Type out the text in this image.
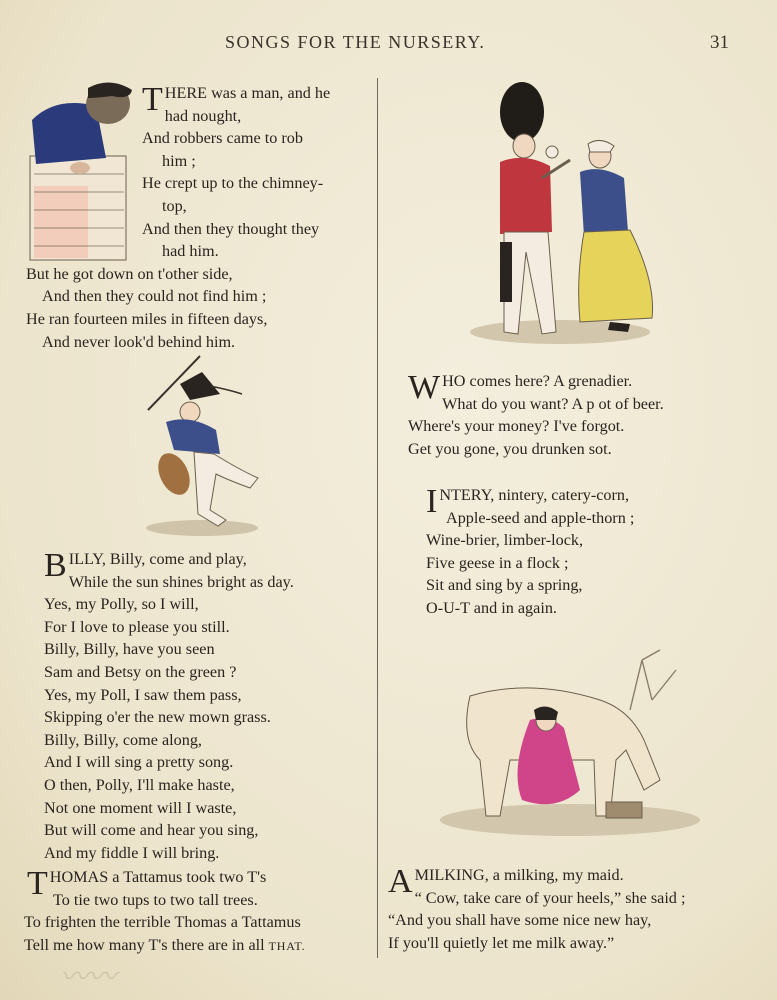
SONGS FOR THE NURSERY.	31
T HERE was a man, and he
had nought,
And robbers came to rob
him ;
He crept up to the chimney-
top,
And then they thought they
had him.
But he got down on t'other side,
And then they could not find him ;
He ran fourteen miles in fifteen days,
And never look'd behind him.
B ILLY, Billy, come and play,
While the sun shines bright as day.
Yes, my Polly, so I will,
For I love to please you still.
Billy, Billy, have you seen
Sam and Betsy on the green ?
Yes, my Poll, I saw them pass,
Skipping o'er the new mown grass.
Billy, Billy, come along,
And I will sing a pretty song.
O then, Polly, I'll make haste,
Not one moment will I waste,
But will come and hear you sing,
And my fiddle I will bring.
T HOMAS a Tattamus took two T's
To tie two tups to two tall trees.
To frighten the terrible Thomas a Tattamus
Tell me how many T's there are in all THAT.
W HO comes here? A grenadier.
What do you want? A p ot of beer.
Where's your money? I've forgot.
Get you gone, you drunken sot.
I NTERY, nintery, catery-corn,
Apple-seed and apple-thorn ;
Wine-brier, limber-lock,
Five geese in a flock ;
Sit and sing by a spring,
O-U-T and in again.
A MILKING, a milking, my maid.
“ Cow, take care of your heels,” she said ;
“And you shall have some nice new hay,
If you'll quietly let me milk away.”
〰〰
